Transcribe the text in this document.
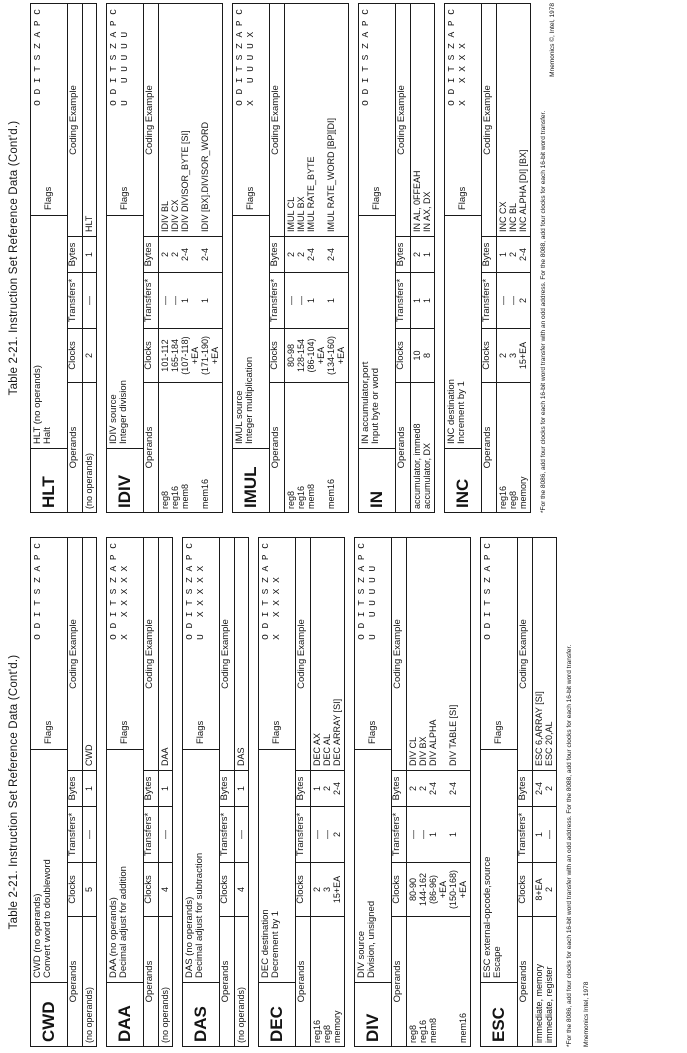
Table 2-21. Instruction Set Reference Data (Cont'd.)
CWD
CWD (no operands) Convert word to doubleword
Flags
O D I T S Z A P C
Operands
Clocks
Transfers*
Bytes
Coding Example
(no operands)
5
—
1
CWD
DAA
DAA (no operands) Decimal adjust for addition
Flags
O D I T S Z A P C X   X X X X X
Operands
Clocks
Transfers*
Bytes
Coding Example
(no operands)
4
—
1
DAA
DAS
DAS (no operands) Decimal adjust for subtraction
Flags
O D I T S Z A P C U   X X X X X
Operands
Clocks
Transfers*
Bytes
Coding Example
(no operands)
4
—
1
DAS
DEC
DEC destination Decrement by 1
Flags
O D I T S Z A P C X   X X X X
Operands
Clocks
Transfers*
Bytes
Coding Example
reg16 reg8 memory
2 3 15+EA
— — 2
1 2 2-4
DEC AX DEC AL DEC ARRAY [SI]
DIV
DIV source Division, unsigned
Flags
O D I T S Z A P C U   U U U U U
Operands
Clocks
Transfers*
Bytes
Coding Example
reg8 reg16 mem8 mem16
80-90 144-162 (86-96) +EA (150-168) +EA
— — 1 1
2 2 2-4 2-4
DIV CL DIV BX DIV ALPHA DIV TABLE [SI]
ESC
ESC external-opcode,source Escape
Flags
O D I T S Z A P C
Operands
Clocks
Transfers*
Bytes
Coding Example
immediate, memory immediate, register
8+EA 2
1 —
2-4 2
ESC 6,ARRAY [SI] ESC 20,AL *For the 8086, add four clocks for each 16-bit word transfer with an odd address. For the 8088, add four clocks for each 16-bit word transfer. Mnemonics Intel, 1978
Table 2-21. Instruction Set Reference Data (Cont'd.)
HLT
HLT (no operands) Halt
Flags
O D I T S Z A P C
Operands
Clocks
Transfers*
Bytes
Coding Example
(no operands)
2
—
1
HLT
IDIV
IDIV source Integer division
Flags
O D I T S Z A P C U   U U U U U
Operands
Clocks
Transfers*
Bytes
Coding Example
reg8 reg16 mem8 mem16
101-112 165-184 (107-118) +EA (171-190) +EA
— — 1 1
2 2 2-4 2-4
IDIV BL IDIV CX IDIV DIVISOR_BYTE [SI] IDIV [BX].DIVISOR_WORD
IMUL
IMUL source Integer multiplication
Flags
O D I T S Z A P C X   U U U U X
Operands
Clocks
Transfers*
Bytes
Coding Example
reg8 reg16 mem8 mem16
80-98 128-154 (86-104) +EA (134-160) +EA
— — 1 1
2 2 2-4 2-4
IMUL CL IMUL BX IMUL RATE_BYTE IMUL RATE_WORD [BP][DI]
IN
IN accumulator,port Input byte or word
Flags
O D I T S Z A P C
Operands
Clocks
Transfers*
Bytes
Coding Example
accumulator, immed8 accumulator, DX
10 8
1 1
2 1
IN AL, 0FFEAH IN AX, DX
INC
INC destination Increment by 1
Flags
O D I T S Z A P C X   X X X X
Operands
Clocks
Transfers*
Bytes
Coding Example
reg16 reg8 memory
2 3 15+EA
— — 2
1 2 2-4
INC CX INC BL INC ALPHA [DI] [BX] *For the 8086, add four clocks for each 16-bit word transfer with an odd address. For the 8088, add four clocks for each 16-bit word transfer.
Mnemonics ©, Intel, 1978
